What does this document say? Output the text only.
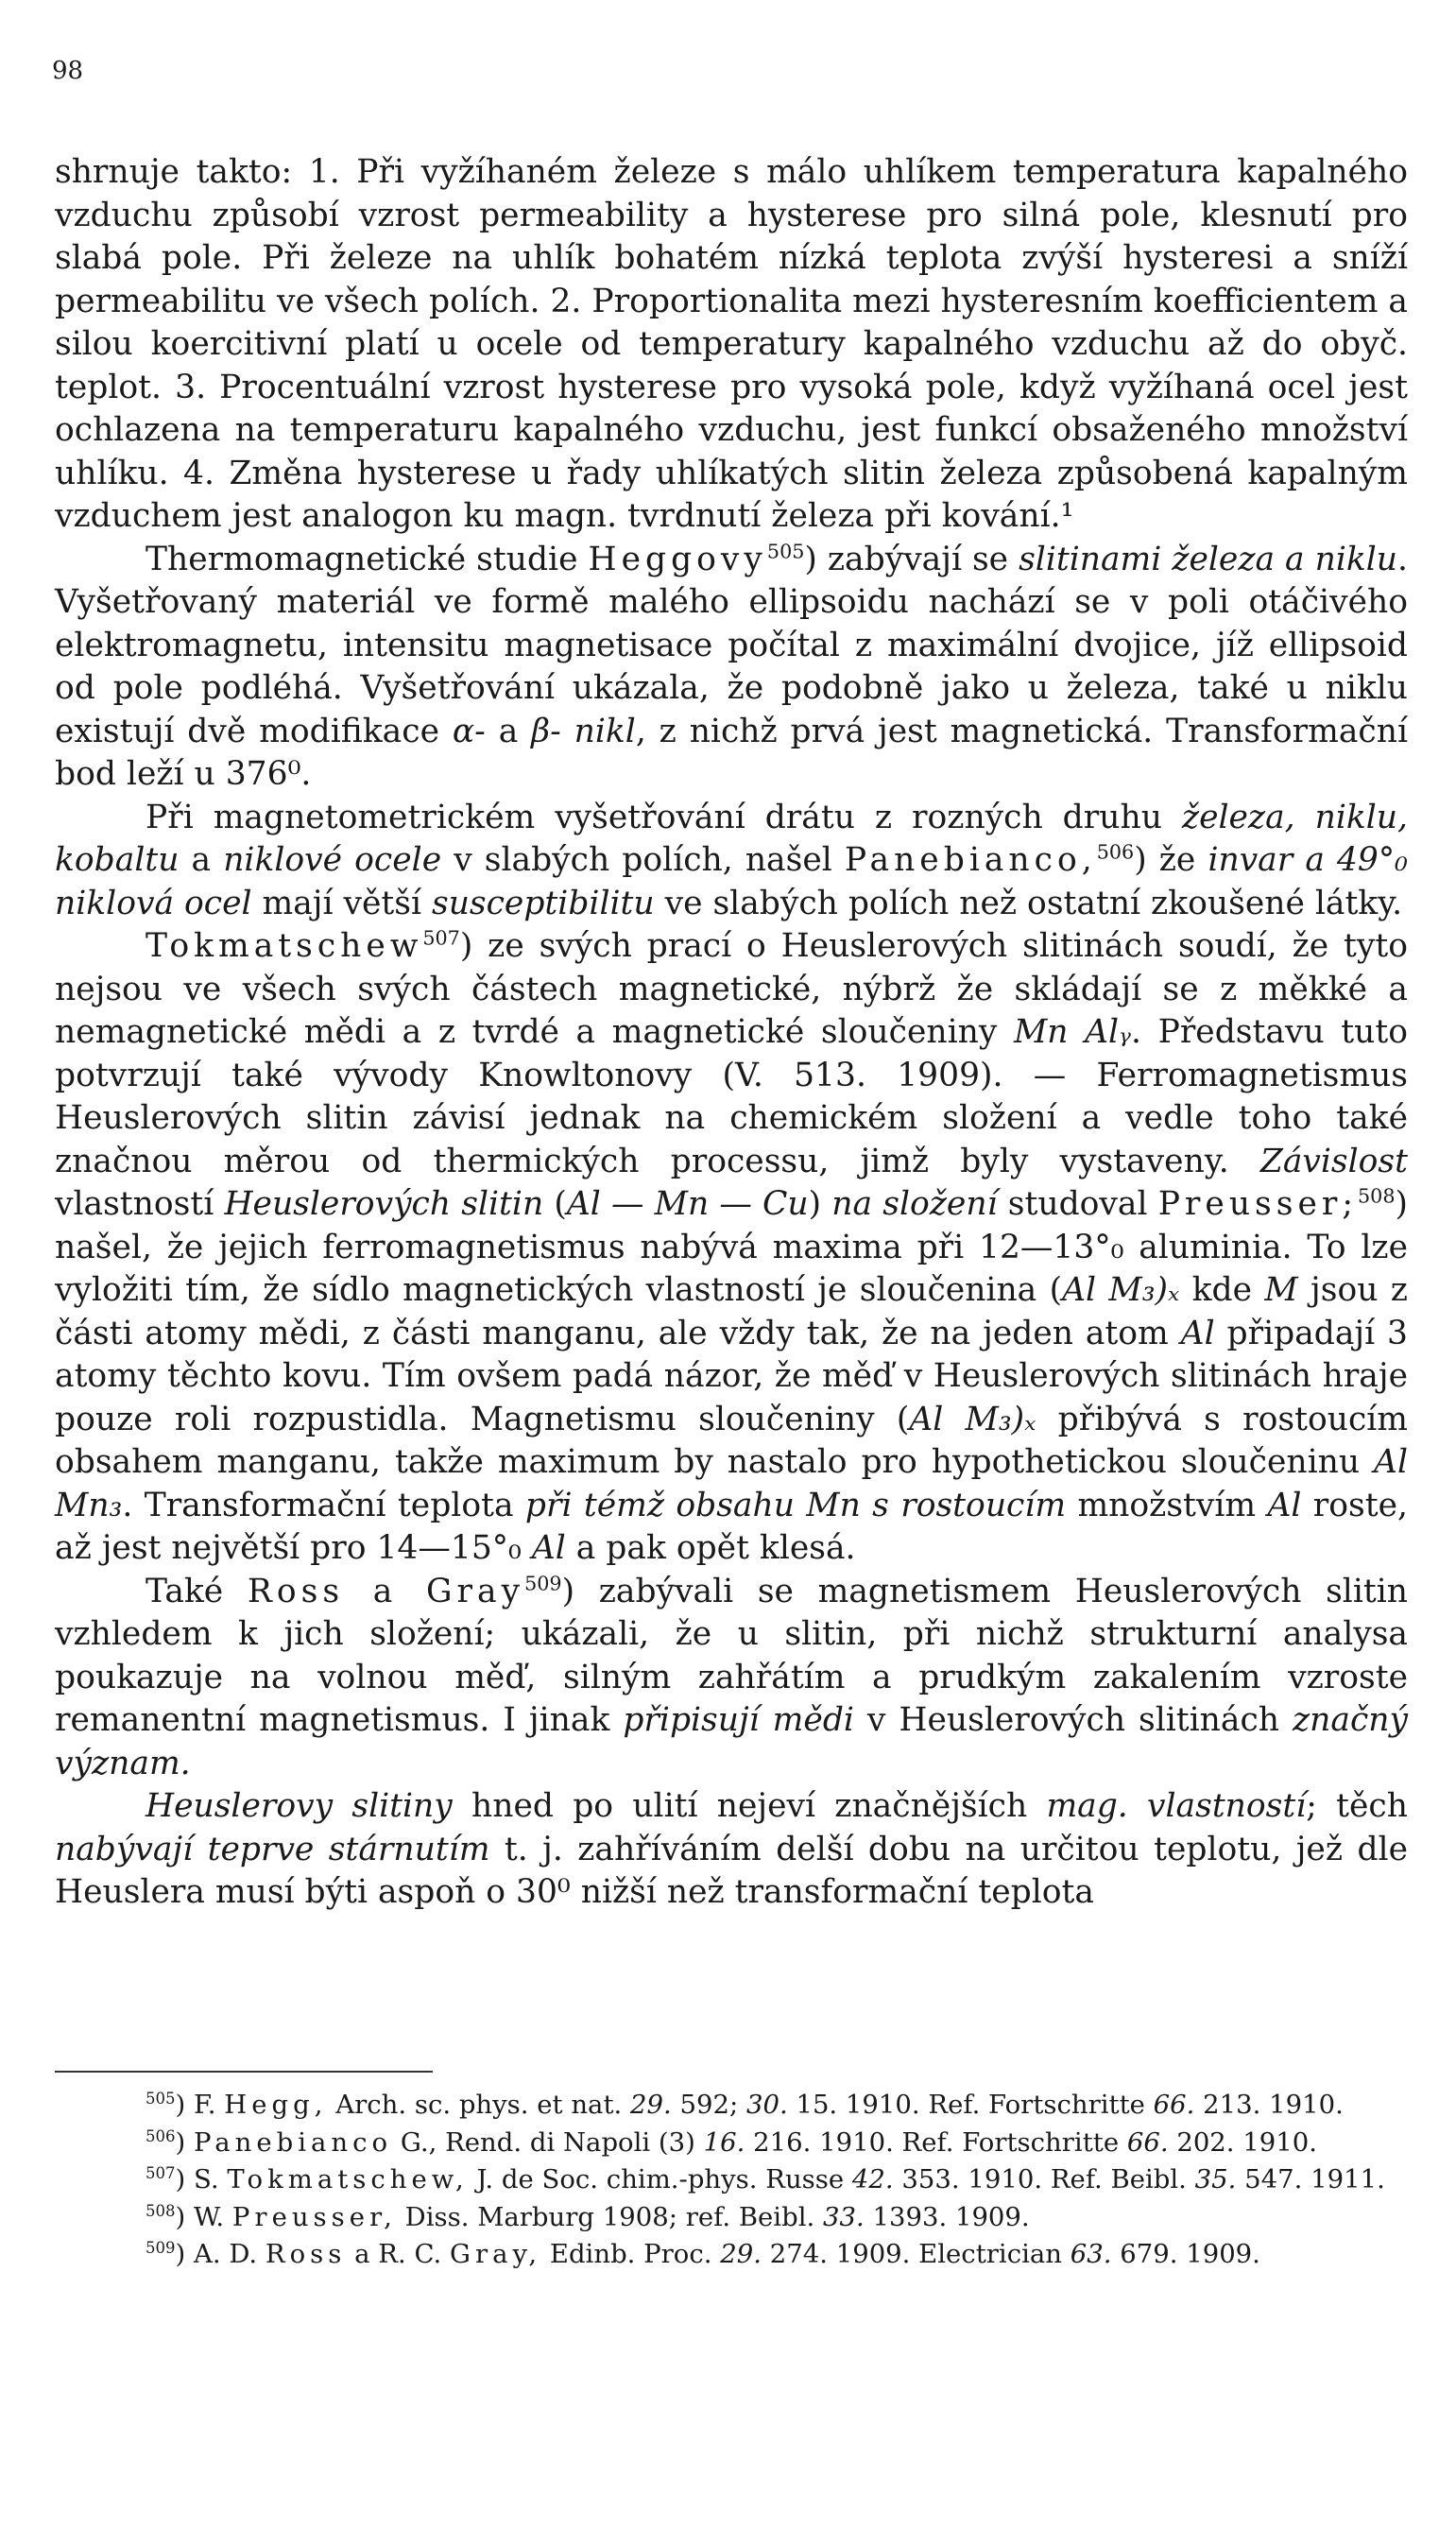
98

shrnuje takto: 1. Při vyžíhaném železe s málo uhlíkem temperatura kapalného vzduchu způsobí vzrost permeability a hysterese pro silná pole, klesnutí pro slabá pole. Při železe na uhlík bohatém nízká teplota zvýší hysteresi a sníží permeabilitu ve všech polích. 2. Proportionalita mezi hysteresním koefficientem a silou koercitivní platí u ocele od temperatury kapalného vzduchu až do obyč. teplot. 3. Procentuální vzrost hysterese pro vysoká pole, když vyžíhaná ocel jest ochlazena na temperaturu kapalného vzduchu, jest funkcí obsaženého množství uhlíku. 4. Změna hysterese u řady uhlíkatých slitin železa způsobená kapalným vzduchem jest analogon ku magn. tvrdnutí železa při kování.¹

Thermomagnetické studie Heggovy$^{505}$) zabývají se slitinami železa a niklu. Vyšetřovaný materiál ve formě malého ellipsoidu nachází se v poli otáčivého elektromagnetu, intensitu magnetisace počítal z maximální dvojice, jíž ellipsoid od pole podléhá. Vyšetřování ukázala, že podobně jako u železa, také u niklu existují dvě modifikace α- a β- nikl, z nichž prvá jest magnetická. Transformační bod leží u 376⁰.

Při magnetometrickém vyšetřování drátu z rozných druhu železa, niklu, kobaltu a niklové ocele v slabých polích, našel Panebianco,$^{506}$) že invar a 49°₀ niklová ocel mají větší susceptibilitu ve slabých polích než ostatní zkoušené látky.

Tokmatschew$^{507}$) ze svých prací o Heuslerových slitinách soudí, že tyto nejsou ve všech svých částech magnetické, nýbrž že skládají se z měkké a nemagnetické mědi a z tvrdé a magnetické sloučeniny Mn Alᵧ. Představu tuto potvrzují také vývody Knowltonovy (V. 513. 1909). — Ferromagnetismus Heuslerových slitin závisí jednak na chemickém složení a vedle toho také značnou měrou od thermických processu, jimž byly vystaveny. Závislost vlastností Heuslerových slitin (Al — Mn — Cu) na složení studoval Preusser;$^{508}$) našel, že jejich ferromagnetismus nabývá maxima při 12—13°₀ aluminia. To lze vyložiti tím, že sídlo magnetických vlastností je sloučenina (Al M₃)ₓ kde M jsou z části atomy mědi, z části manganu, ale vždy tak, že na jeden atom Al připadají 3 atomy těchto kovu. Tím ovšem padá názor, že měď v Heuslerových slitinách hraje pouze roli rozpustidla. Magnetismu sloučeniny (Al M₃)ₓ přibývá s rostoucím obsahem manganu, takže maximum by nastalo pro hypothetickou sloučeninu Al Mn₃. Transformační teplota při témž obsahu Mn s rostoucím množstvím Al roste, až jest největší pro 14—15°₀ Al a pak opět klesá.

Také Ross a Gray$^{509}$) zabývali se magnetismem Heuslerových slitin vzhledem k jich složení; ukázali, že u slitin, při nichž strukturní analysa poukazuje na volnou měď, silným zahřátím a prudkým zakalením vzroste remanentní magnetismus. I jinak připisují mědi v Heuslerových slitinách značný význam.

Heuslerovy slitiny hned po ulití nejeví značnějších mag. vlastností; těch nabývají teprve stárnutím t. j. zahříváním delší dobu na určitou teplotu, jež dle Heuslera musí býti aspoň o 30⁰ nižší než transformační teplota

$^{505}$) F. Hegg, Arch. sc. phys. et nat. 29. 592; 30. 15. 1910. Ref. Fortschritte 66. 213. 1910.

$^{506}$) Panebianco G., Rend. di Napoli (3) 16. 216. 1910. Ref. Fortschritte 66. 202. 1910.

$^{507}$) S. Tokmatschew, J. de Soc. chim.-phys. Russe 42. 353. 1910. Ref. Beibl. 35. 547. 1911.

$^{508}$) W. Preusser, Diss. Marburg 1908; ref. Beibl. 33. 1393. 1909.

$^{509}$) A. D. Ross a R. C. Gray, Edinb. Proc. 29. 274. 1909. Electrician 63. 679. 1909.
